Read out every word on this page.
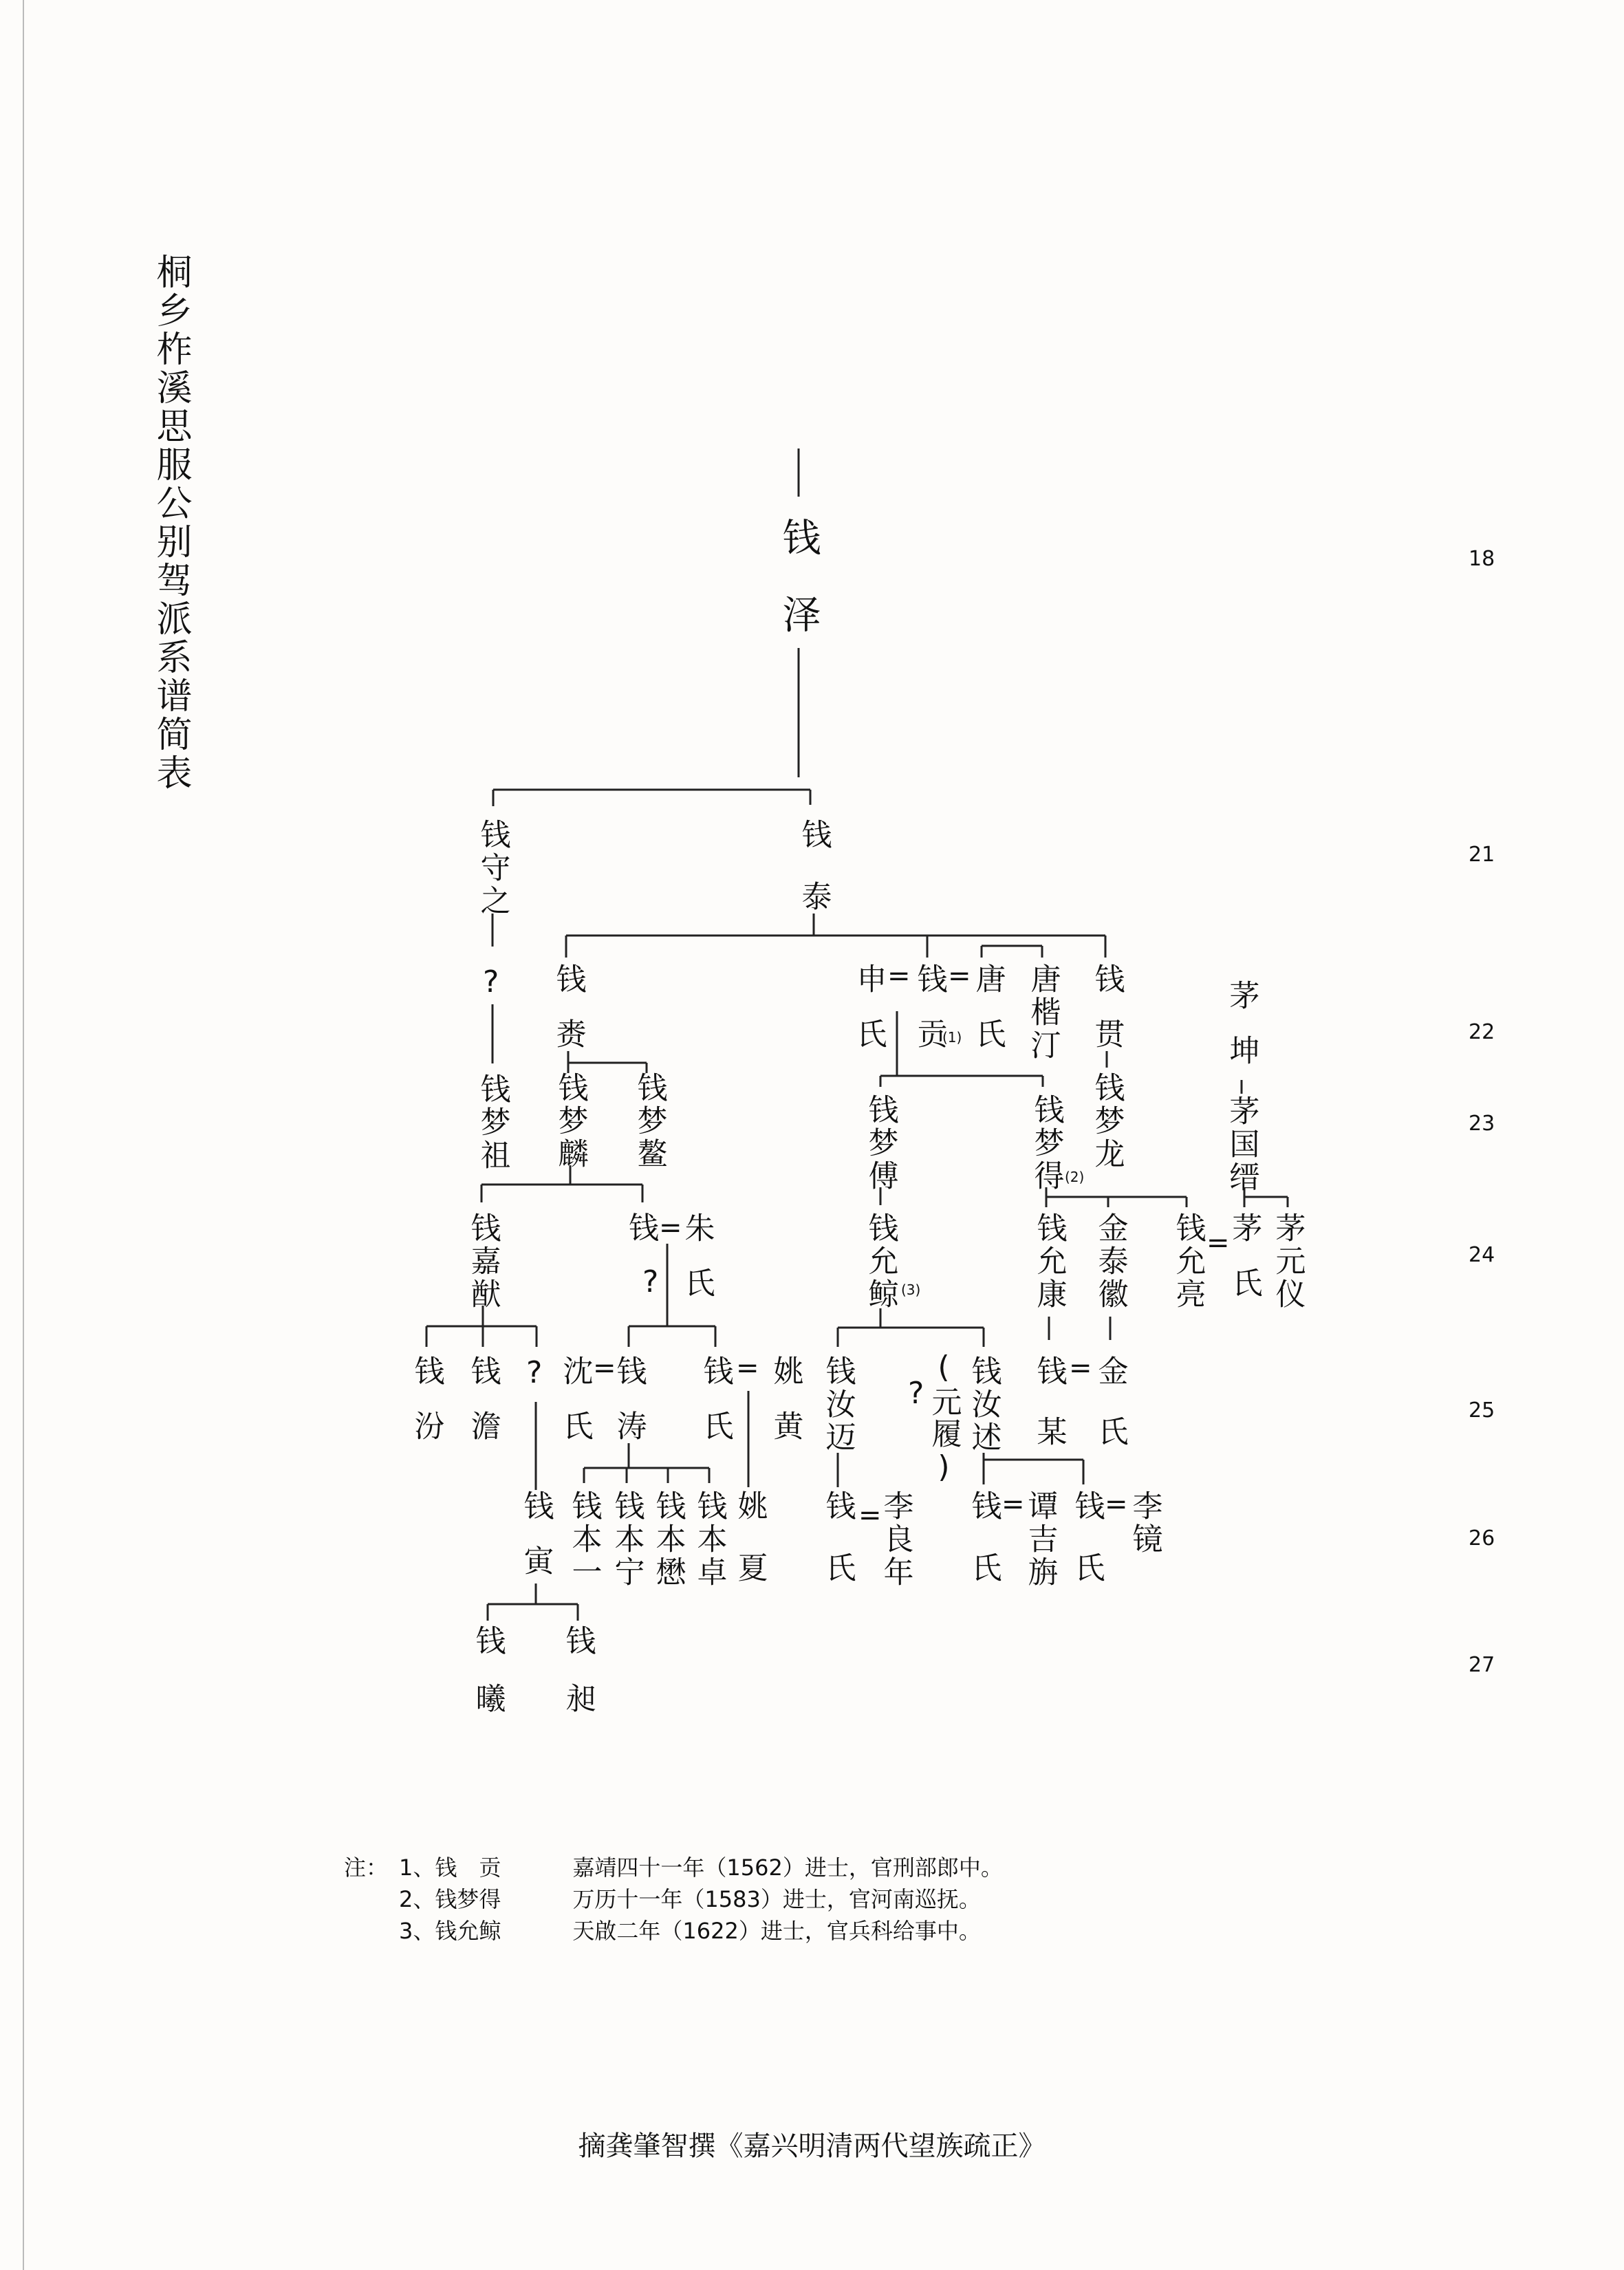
桐乡柞溪思服公别驾派系谱简表	18
21
22
23
24
25
26
27
钱泽
钱守之	钱泰
? 钱赉	申氏 = 钱贡
(1)
=
唐氏 唐楷汀 钱贯	茅坤
钱梦祖 钱梦麟 钱梦鳌	钱梦傅	钱梦得 (2)
钱梦龙	茅国缙
钱嘉猷	钱 =
朱氏
?	钱允鲸 (3)	钱允康 金泰徽 钱允亮 =
茅氏 茅元仪
钱汾 钱澹 ? 沈氏 =
钱涛 钱氏 = 姚黄 钱汝迈 ? (元履) 钱汝述 钱某 = 金氏
钱寅 钱本一 钱本宁 钱本懋 钱本卓 姚夏 钱氏 =
李良年 钱氏 =
谭吉旃 钱氏 =
李镜
钱曦 钱昶
注： 1、钱　贡	嘉靖四十一年（1562）进士，官刑部郎中。
2、钱梦得	万历十一年（1583）进士，官河南巡抚。
3、钱允鲸	天啟二年（1622）进士，官兵科给事中。
摘龚肇智撰《嘉兴明清两代望族疏正》
